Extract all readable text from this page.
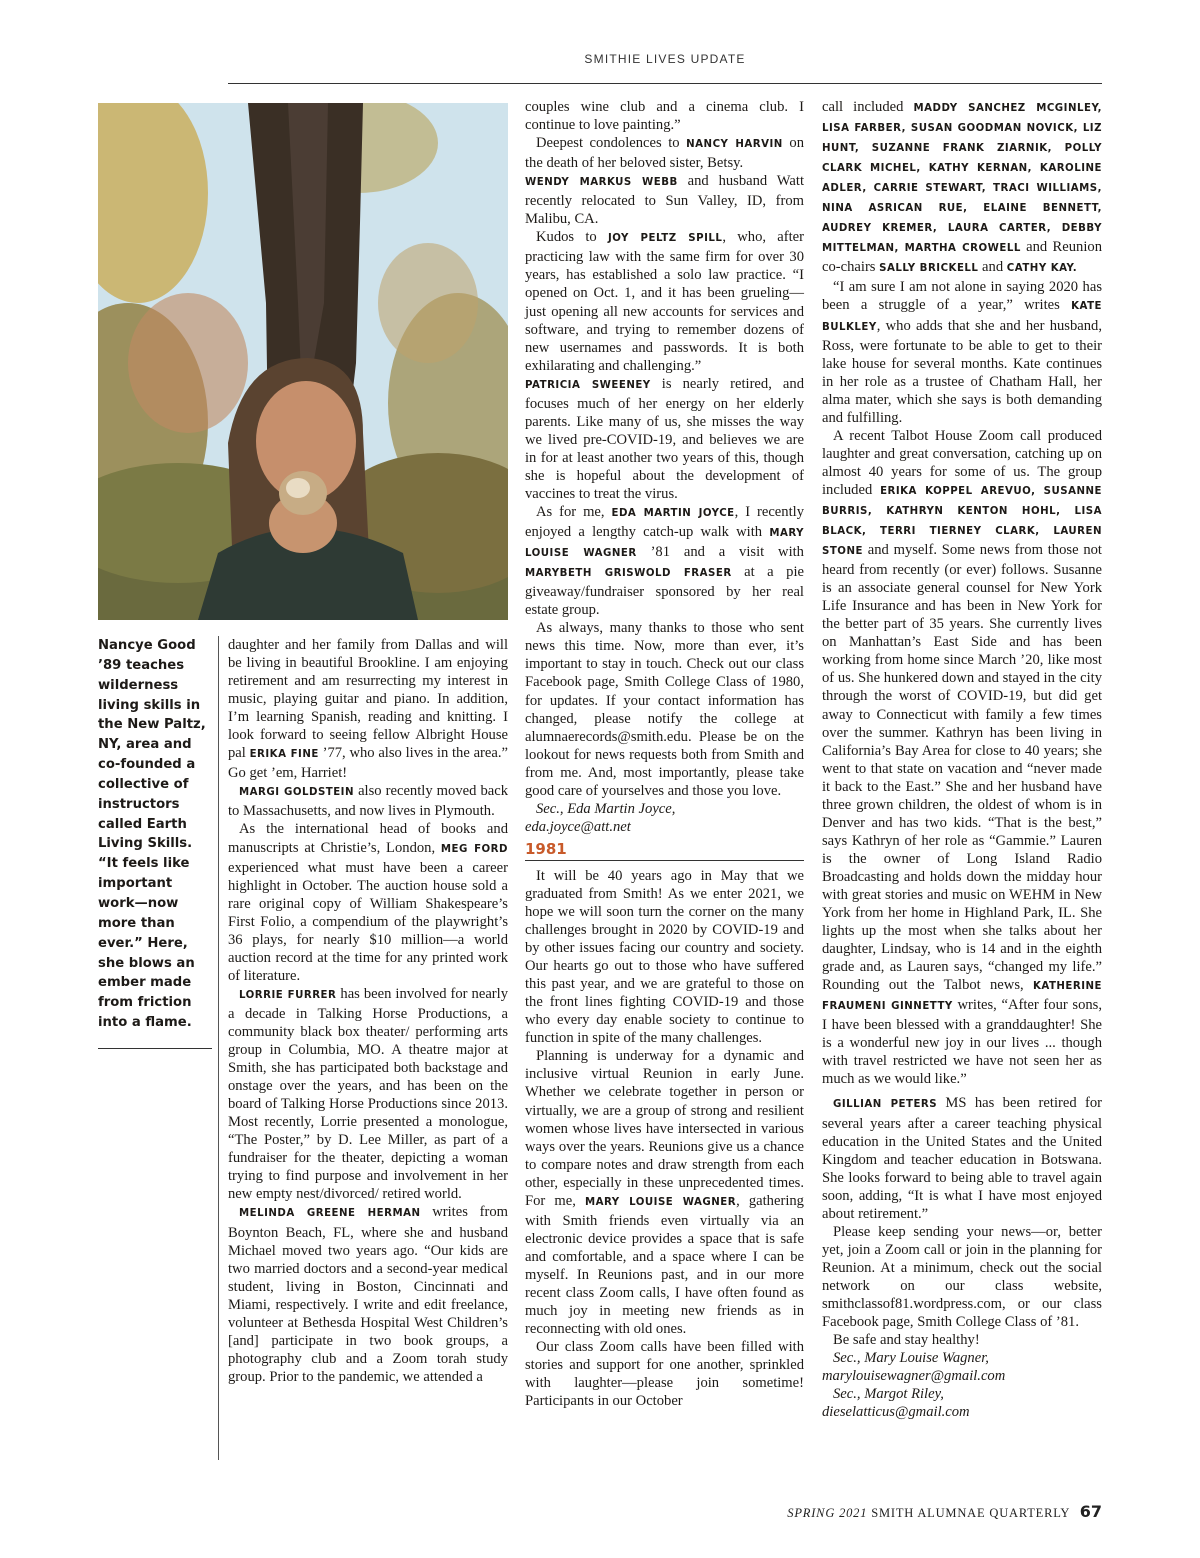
SMITHIE LIVES UPDATE
Nancye Good ’89 teaches wilderness living skills in the New Paltz, NY, area and co-founded a collective of instructors called Earth Living Skills. “It feels like important work—now more than ever.” Here, she blows an ember made from friction into a flame.

daughter and her family from Dallas and will be living in beautiful Brookline. I am enjoying retirement and am resurrecting my interest in music, playing guitar and piano. In addition, I’m learning Spanish, reading and knitting. I look forward to seeing fellow Albright House pal ERIKA FINE ’77, who also lives in the area.” Go get ’em, Harriet!

MARGI GOLDSTEIN also recently moved back to Massachusetts, and now lives in Plymouth.

As the international head of books and manuscripts at Christie’s, London, MEG FORD experienced what must have been a career highlight in October. The auction house sold a rare original copy of William Shakespeare’s First Folio, a compendium of the playwright’s 36 plays, for nearly $10 million—a world auction record at the time for any printed work of literature.

LORRIE FURRER has been involved for nearly a decade in Talking Horse Productions, a community black box theater/ performing arts group in Columbia, MO. A theatre major at Smith, she has participated both backstage and onstage over the years, and has been on the board of Talking Horse Productions since 2013. Most recently, Lorrie presented a monologue, “The Poster,” by D. Lee Miller, as part of a fundraiser for the theater, depicting a woman trying to find purpose and involvement in her new empty nest/divorced/ retired world.

MELINDA GREENE HERMAN writes from Boynton Beach, FL, where she and husband Michael moved two years ago. “Our kids are two married doctors and a second-year medical student, living in Boston, Cincinnati and Miami, respectively. I write and edit freelance, volunteer at Bethesda Hospital West Children’s [and] participate in two book groups, a photography club and a Zoom torah study group. Prior to the pandemic, we attended a

couples wine club and a cinema club. I continue to love painting.”

Deepest condolences to NANCY HARVIN on the death of her beloved sister, Betsy.

WENDY MARKUS WEBB and husband Watt recently relocated to Sun Valley, ID, from Malibu, CA.

Kudos to JOY PELTZ SPILL, who, after practicing law with the same firm for over 30 years, has established a solo law practice. “I opened on Oct. 1, and it has been grueling—just opening all new accounts for services and software, and trying to remember dozens of new usernames and passwords. It is both exhilarating and challenging.”

PATRICIA SWEENEY is nearly retired, and focuses much of her energy on her elderly parents. Like many of us, she misses the way we lived pre-COVID-19, and believes we are in for at least another two years of this, though she is hopeful about the development of vaccines to treat the virus.

As for me, EDA MARTIN JOYCE, I recently enjoyed a lengthy catch-up walk with MARY LOUISE WAGNER ’81 and a visit with MARYBETH GRISWOLD FRASER at a pie giveaway/fundraiser sponsored by her real estate group.

As always, many thanks to those who sent news this time. Now, more than ever, it’s important to stay in touch. Check out our class Facebook page, Smith College Class of 1980, for updates. If your contact information has changed, please notify the college at alumnaerecords@smith.edu. Please be on the lookout for news requests both from Smith and from me. And, most importantly, please take good care of yourselves and those you love.

Sec., Eda Martin Joyce,

eda.joyce@att.net

1981

It will be 40 years ago in May that we graduated from Smith! As we enter 2021, we hope we will soon turn the corner on the many challenges brought in 2020 by COVID-19 and by other issues facing our country and society. Our hearts go out to those who have suffered this past year, and we are grateful to those on the front lines fighting COVID-19 and those who every day enable society to continue to function in spite of the many challenges.

Planning is underway for a dynamic and inclusive virtual Reunion in early June. Whether we celebrate together in person or virtually, we are a group of strong and resilient women whose lives have intersected in various ways over the years. Reunions give us a chance to compare notes and draw strength from each other, especially in these unprecedented times. For me, MARY LOUISE WAGNER, gathering with Smith friends even virtually via an electronic device provides a space that is safe and comfortable, and a space where I can be myself. In Reunions past, and in our more recent class Zoom calls, I have often found as much joy in meeting new friends as in reconnecting with old ones.

Our class Zoom calls have been filled with stories and support for one another, sprinkled with laughter—please join sometime! Participants in our October

call included MADDY SANCHEZ MCGINLEY, LISA FARBER, SUSAN GOODMAN NOVICK, LIZ HUNT, SUZANNE FRANK ZIARNIK, POLLY CLARK MICHEL, KATHY KERNAN, KAROLINE ADLER, CARRIE STEWART, TRACI WILLIAMS, NINA ASRICAN RUE, ELAINE BENNETT, AUDREY KREMER, LAURA CARTER, DEBBY MITTELMAN, MARTHA CROWELL and Reunion co-chairs SALLY BRICKELL and CATHY KAY.

“I am sure I am not alone in saying 2020 has been a struggle of a year,” writes KATE BULKLEY, who adds that she and her husband, Ross, were fortunate to be able to get to their lake house for several months. Kate continues in her role as a trustee of Chatham Hall, her alma mater, which she says is both demanding and fulfilling.

A recent Talbot House Zoom call produced laughter and great conversation, catching up on almost 40 years for some of us. The group included ERIKA KOPPEL AREVUO, SUSANNE BURRIS, KATHRYN KENTON HOHL, LISA BLACK, TERRI TIERNEY CLARK, LAUREN STONE and myself. Some news from those not heard from recently (or ever) follows. Susanne is an associate general counsel for New York Life Insurance and has been in New York for the better part of 35 years. She currently lives on Manhattan’s East Side and has been working from home since March ’20, like most of us. She hunkered down and stayed in the city through the worst of COVID-19, but did get away to Connecticut with family a few times over the summer. Kathryn has been living in California’s Bay Area for close to 40 years; she went to that state on vacation and “never made it back to the East.” She and her husband have three grown children, the oldest of whom is in Denver and has two kids. “That is the best,” says Kathryn of her role as “Gammie.” Lauren is the owner of Long Island Radio Broadcasting and holds down the midday hour with great stories and music on WEHM in New York from her home in Highland Park, IL. She lights up the most when she talks about her daughter, Lindsay, who is 14 and in the eighth grade and, as Lauren says, “changed my life.” Rounding out the Talbot news, KATHERINE FRAUMENI GINNETTY writes, “After four sons, I have been blessed with a granddaughter! She is a wonderful new joy in our lives ... though with travel restricted we have not seen her as much as we would like.”

GILLIAN PETERS MS has been retired for several years after a career teaching physical education in the United States and the United Kingdom and teacher education in Botswana. She looks forward to being able to travel again soon, adding, “It is what I have most enjoyed about retirement.”

Please keep sending your news—or, better yet, join a Zoom call or join in the planning for Reunion. At a minimum, check out the social network on our class website, smithclassof81.wordpress.com, or our class Facebook page, Smith College Class of ’81.

Be safe and stay healthy!

Sec., Mary Louise Wagner,

marylouisewagner@gmail.com

Sec., Margot Riley,

dieselatticus@gmail.com

SPRING 2021 SMITH ALUMNAE QUARTERLY 67
